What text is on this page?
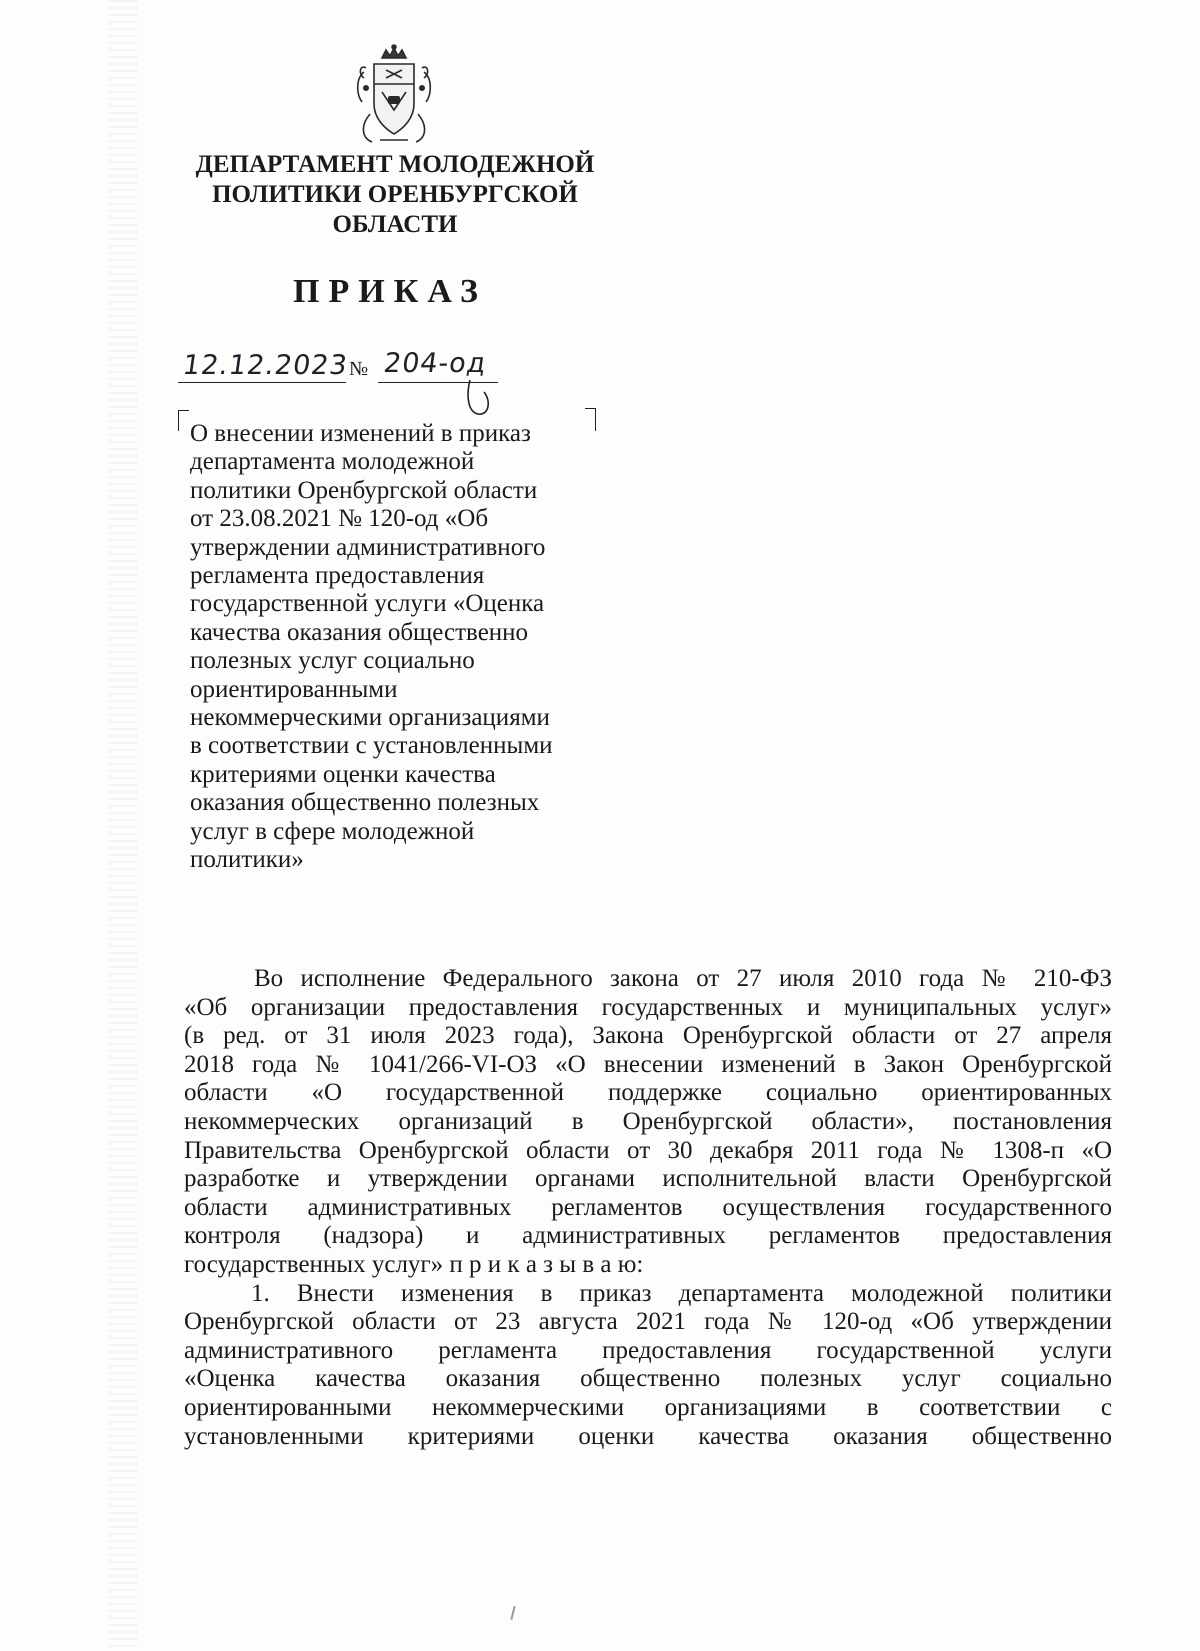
ДЕПАРТАМЕНТ МОЛОДЕЖНОЙ
ПОЛИТИКИ ОРЕНБУРГСКОЙ
ОБЛАСТИ
ПРИКАЗ
12.12.2023 № 204-од
О внесении изменений в приказ
департамента молодежной
политики Оренбургской области
от 23.08.2021 № 120-од «Об
утверждении административного
регламента предоставления
государственной услуги «Оценка
качества оказания общественно
полезных услуг социально
ориентированными
некоммерческими организациями
в соответствии с установленными
критериями оценки качества
оказания общественно полезных
услуг в сфере молодежной
политики»
Во исполнение Федерального закона от 27 июля 2010 года № 210-ФЗ
«Об организации предоставления государственных и муниципальных услуг»
(в ред. от 31 июля 2023 года), Закона Оренбургской области от 27 апреля
2018 года № 1041/266-VI-ОЗ «О внесении изменений в Закон Оренбургской
области «О государственной поддержке социально ориентированных
некоммерческих организаций в Оренбургской области», постановления
Правительства Оренбургской области от 30 декабря 2011 года № 1308-п «О
разработке и утверждении органами исполнительной власти Оренбургской
области административных регламентов осуществления государственного
контроля (надзора) и административных регламентов предоставления
государственных услуг» п р и к а з ы в а ю:
1. Внести изменения в приказ департамента молодежной политики
Оренбургской области от 23 августа 2021 года № 120-од «Об утверждении
административного регламента предоставления государственной услуги
«Оценка качества оказания общественно полезных услуг социально
ориентированными некоммерческими организациями в соответствии с
установленными критериями оценки качества оказания общественно
